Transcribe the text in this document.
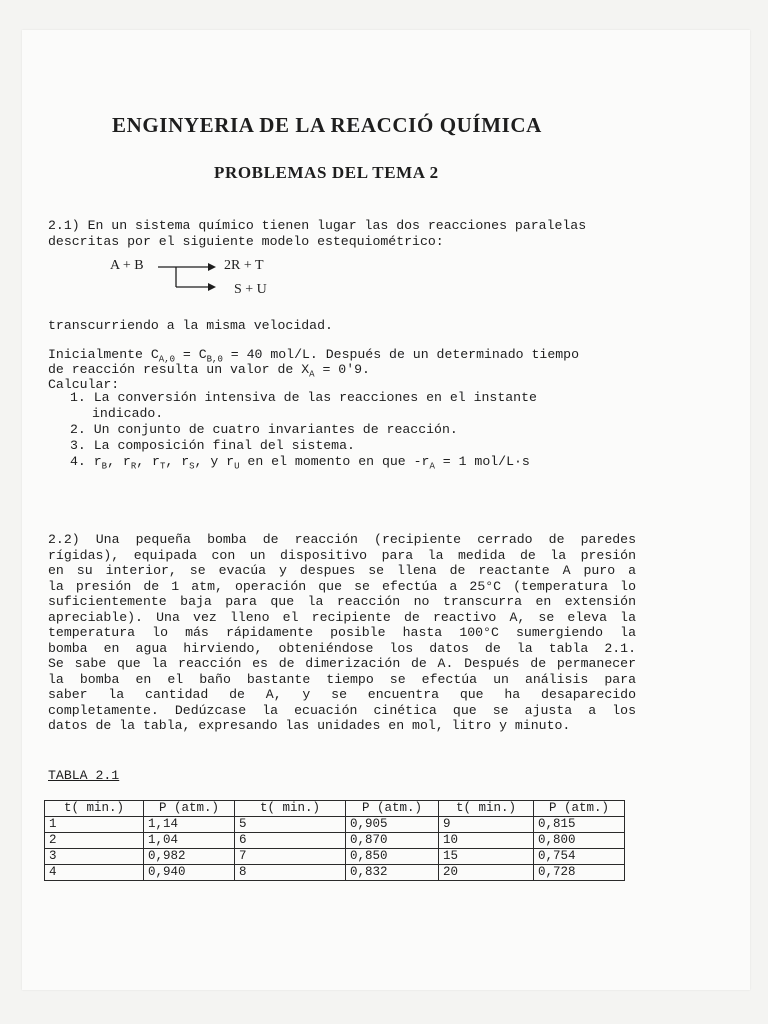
ENGINYERIA DE LA REACCIÓ QUÍMICA
PROBLEMAS DEL TEMA 2

2.1) En un sistema químico tienen lugar las dos reacciones paralelas

descritas por el siguiente modelo estequiométrico:

A + B	2R + T
S + U

transcurriendo a la misma velocidad.

Inicialmente $C_{A,0} = C_{B,0} = 40$ mol/L. Después de un determinado tiempo

de reacción resulta un valor de $X_A = 0'9$.

Calcular:

1. La conversión intensiva de las reacciones en el instante
indicado.
2. Un conjunto de cuatro invariantes de reacción.
3. La composición final del sistema.
4. $r_B$, $r_R$, $r_T$, $r_S$, y $r_U$ en el momento en que $-r_A = 1$ mol/L·s

2.2) Una pequeña bomba de reacción (recipiente cerrado de paredes

rígidas), equipada con un dispositivo para la medida de la presión

en su interior, se evacúa y despues se llena de reactante A puro a

la presión de 1 atm, operación que se efectúa a 25°C (temperatura lo

suficientemente baja para que la reacción no transcurra en extensión

apreciable). Una vez lleno el recipiente de reactivo A, se eleva la

temperatura lo más rápidamente posible hasta 100°C sumergiendo la

bomba en agua hirviendo, obteniéndose los datos de la tabla 2.1.

Se sabe que la reacción es de dimerización de A. Después de permanecer

la bomba en el baño bastante tiempo se efectúa un análisis para

saber la cantidad de A, y se encuentra que ha desaparecido

completamente. Dedúzcase la ecuación cinética que se ajusta a los

datos de la tabla, expresando las unidades en mol, litro y minuto.

TABLA 2.1
t( min.)	P (atm.)	t( min.)	P (atm.)	t( min.)	P (atm.)
1	1,14	5	0,905	9	0,815
2	1,04	6	0,870	10	0,800
3	0,982	7	0,850	15	0,754
4	0,940	8	0,832	20	0,728
